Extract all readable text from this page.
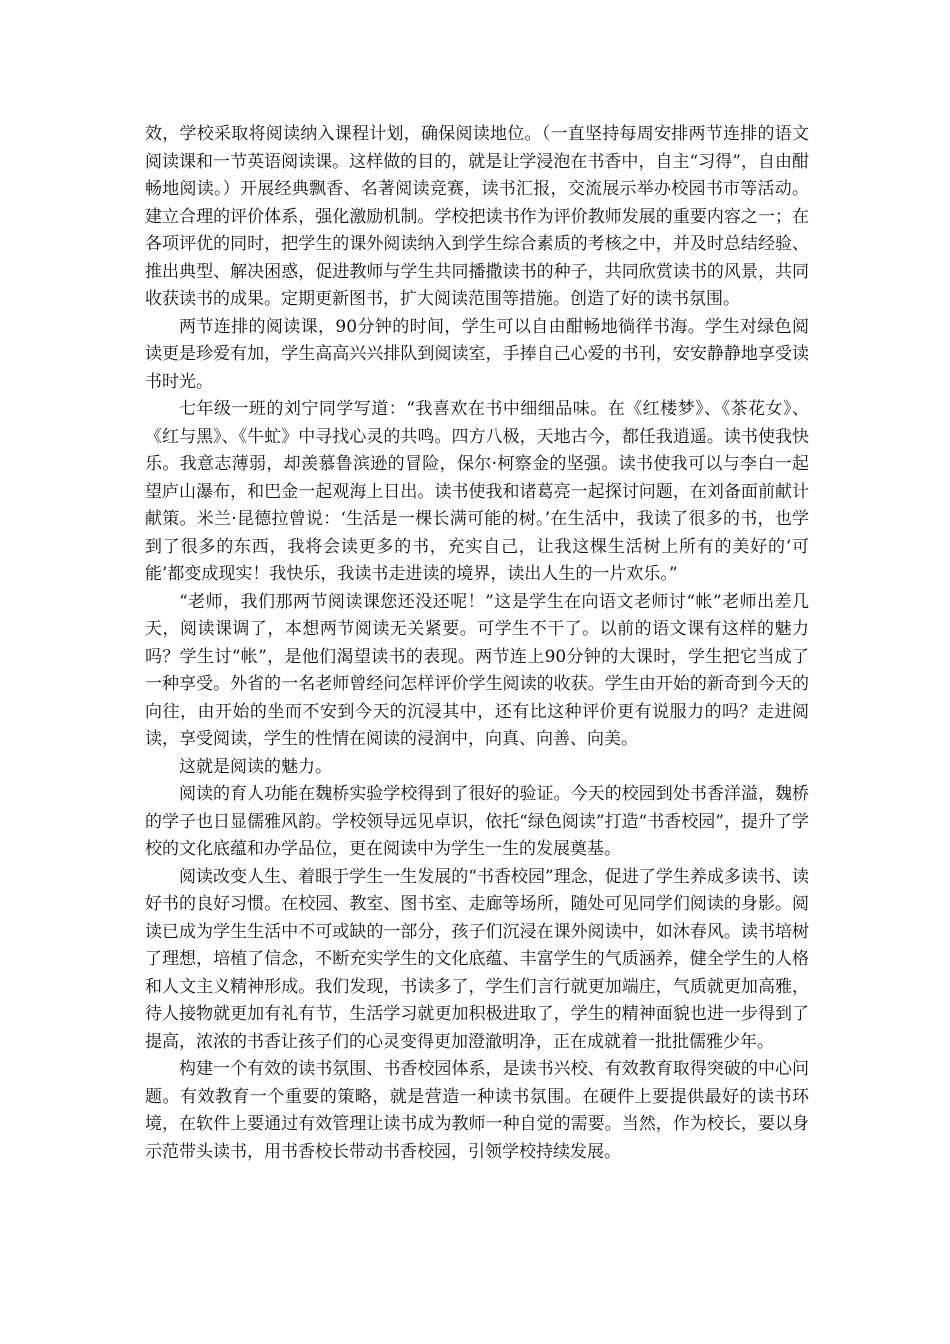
效，学校采取将阅读纳入课程计划，确保阅读地位。（一直坚持每周安排两节连排的语文阅读课和一节英语阅读课。这样做的目的，就是让学浸泡在书香中，自主“习得”，自由酣畅地阅读。）开展经典飘香、名著阅读竞赛，读书汇报，交流展示举办校园书市等活动。建立合理的评价体系，强化激励机制。学校把读书作为评价教师发展的重要内容之一；在各项评优的同时，把学生的课外阅读纳入到学生综合素质的考核之中，并及时总结经验、推出典型、解决困惑，促进教师与学生共同播撒读书的种子，共同欣赏读书的风景，共同收获读书的成果。定期更新图书，扩大阅读范围等措施。创造了好的读书氛围。

两节连排的阅读课，90分钟的时间，学生可以自由酣畅地徜徉书海。学生对绿色阅读更是珍爱有加，学生高高兴兴排队到阅读室，手捧自己心爱的书刊，安安静静地享受读书时光。

七年级一班的刘宁同学写道：“我喜欢在书中细细品味。在《红楼梦》、《茶花女》、《红与黑》、《牛虻》中寻找心灵的共鸣。四方八极，天地古今，都任我逍遥。读书使我快乐。我意志薄弱，却羡慕鲁滨逊的冒险，保尔·柯察金的坚强。读书使我可以与李白一起望庐山瀑布，和巴金一起观海上日出。读书使我和诸葛亮一起探讨问题，在刘备面前献计献策。米兰·昆德拉曾说：‘生活是一棵长满可能的树。’在生活中，我读了很多的书，也学到了很多的东西，我将会读更多的书，充实自己，让我这棵生活树上所有的美好的‘可能’都变成现实！我快乐，我读书走进读的境界，读出人生的一片欢乐。”

“老师，我们那两节阅读课您还没还呢！”这是学生在向语文老师讨“帐”老师出差几天，阅读课调了，本想两节阅读无关紧要。可学生不干了。以前的语文课有这样的魅力吗？学生讨“帐”，是他们渴望读书的表现。两节连上90分钟的大课时，学生把它当成了一种享受。外省的一名老师曾经问怎样评价学生阅读的收获。学生由开始的新奇到今天的向往，由开始的坐而不安到今天的沉浸其中，还有比这种评价更有说服力的吗？走进阅读，享受阅读，学生的性情在阅读的浸润中，向真、向善、向美。

这就是阅读的魅力。

阅读的育人功能在魏桥实验学校得到了很好的验证。今天的校园到处书香洋溢，魏桥的学子也日显儒雅风韵。学校领导远见卓识，依托“绿色阅读”打造“书香校园”，提升了学校的文化底蕴和办学品位，更在阅读中为学生一生的发展奠基。

阅读改变人生、着眼于学生一生发展的“书香校园”理念，促进了学生养成多读书、读好书的良好习惯。在校园、教室、图书室、走廊等场所，随处可见同学们阅读的身影。阅读已成为学生生活中不可或缺的一部分，孩子们沉浸在课外阅读中，如沐春风。读书培树了理想，培植了信念，不断充实学生的文化底蕴、丰富学生的气质涵养，健全学生的人格和人文主义精神形成。我们发现，书读多了，学生们言行就更加端庄，气质就更加高雅，待人接物就更加有礼有节，生活学习就更加积极进取了，学生的精神面貌也进一步得到了提高，浓浓的书香让孩子们的心灵变得更加澄澈明净，正在成就着一批批儒雅少年。

构建一个有效的读书氛围、书香校园体系，是读书兴校、有效教育取得突破的中心问题。有效教育一个重要的策略，就是营造一种读书氛围。在硬件上要提供最好的读书环境，在软件上要通过有效管理让读书成为教师一种自觉的需要。当然，作为校长，要以身示范带头读书，用书香校长带动书香校园，引领学校持续发展。
